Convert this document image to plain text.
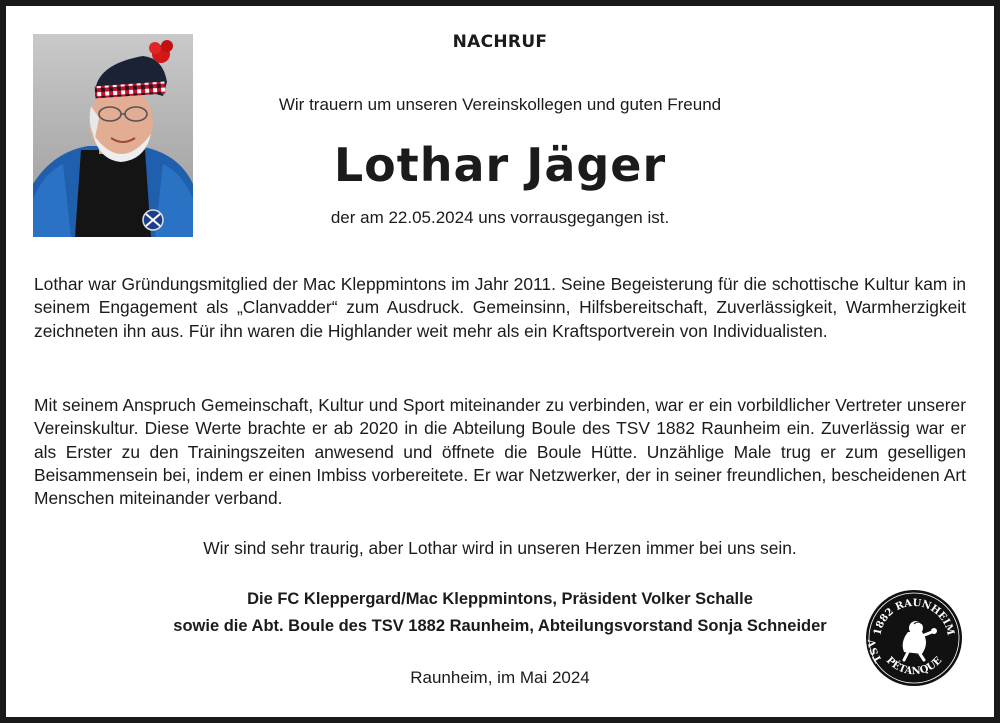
NACHRUF
Wir trauern um unseren Vereinskollegen und guten Freund
Lothar Jäger
der am 22.05.2024 uns vorrausgegangen ist.
Lothar war Gründungsmitglied der Mac Kleppmintons im Jahr 2011. Seine Begeisterung für die schottische Kultur kam in seinem Engagement als „Clanvadder“ zum Ausdruck. Gemeinsinn, Hilfsbereitschaft, Zuverlässigkeit, Warmherzigkeit zeichneten ihn aus. Für ihn waren die Highlander weit mehr als ein Kraftsportverein von Individualisten.
Mit seinem Anspruch Gemeinschaft, Kultur und Sport miteinander zu verbinden, war er ein vorbildlicher Vertreter unserer Vereinskultur. Diese Werte brachte er ab 2020 in die Abteilung Boule des TSV 1882 Raunheim ein. Zuverlässig war er als Erster zu den Trainingszeiten anwesend und öffnete die Boule Hütte. Unzählige Male trug er zum geselligen Beisammensein bei, indem er einen Imbiss vorbereitete. Er war Netzwerker, der in seiner freundlichen, bescheidenen Art Menschen miteinander verband.
Wir sind sehr traurig, aber Lothar wird in unseren Herzen immer bei uns sein.
Die FC Kleppergard/Mac Kleppmintons, Präsident Volker Schalle
sowie die Abt. Boule des TSV 1882 Raunheim, Abteilungsvorstand Sonja Schneider
Raunheim, im Mai 2024
1882 RAUNHEIM
PÉTANQUE
TSV
